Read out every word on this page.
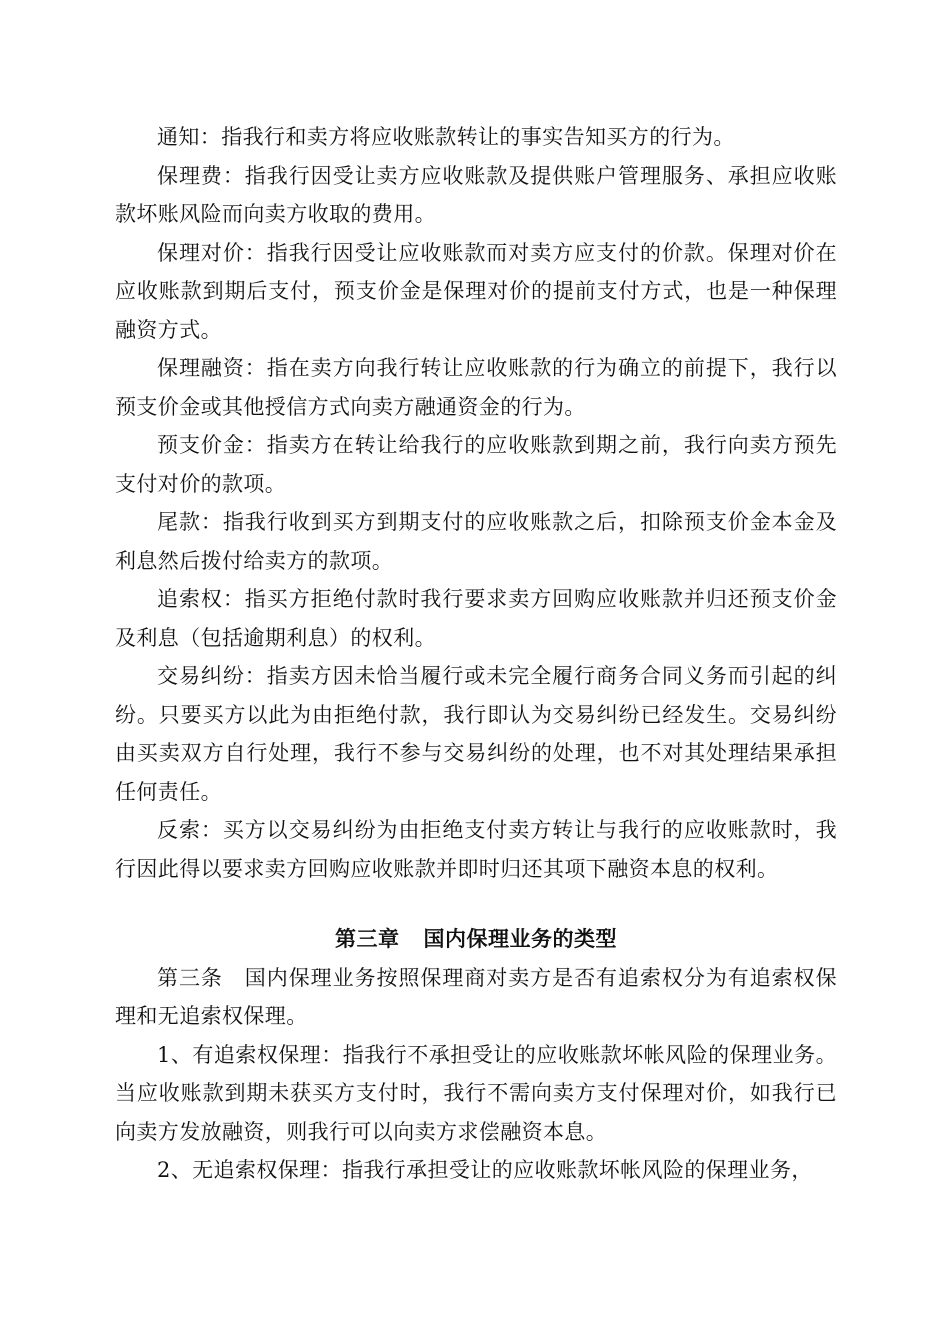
通知：指我行和卖方将应收账款转让的事实告知买方的行为。

保理费：指我行因受让卖方应收账款及提供账户管理服务、承担应收账款坏账风险而向卖方收取的费用。

保理对价：指我行因受让应收账款而对卖方应支付的价款。保理对价在应收账款到期后支付，预支价金是保理对价的提前支付方式，也是一种保理融资方式。

保理融资：指在卖方向我行转让应收账款的行为确立的前提下，我行以预支价金或其他授信方式向卖方融通资金的行为。

预支价金：指卖方在转让给我行的应收账款到期之前，我行向卖方预先支付对价的款项。

尾款：指我行收到买方到期支付的应收账款之后，扣除预支价金本金及利息然后拨付给卖方的款项。

追索权：指买方拒绝付款时我行要求卖方回购应收账款并归还预支价金及利息（包括逾期利息）的权利。

交易纠纷：指卖方因未恰当履行或未完全履行商务合同义务而引起的纠纷。只要买方以此为由拒绝付款，我行即认为交易纠纷已经发生。交易纠纷由买卖双方自行处理，我行不参与交易纠纷的处理，也不对其处理结果承担任何责任。

反索：买方以交易纠纷为由拒绝支付卖方转让与我行的应收账款时，我行因此得以要求卖方回购应收账款并即时归还其项下融资本息的权利。

第三章 国内保理业务的类型

第三条　国内保理业务按照保理商对卖方是否有追索权分为有追索权保理和无追索权保理。

1、有追索权保理：指我行不承担受让的应收账款坏帐风险的保理业务。当应收账款到期未获买方支付时，我行不需向卖方支付保理对价，如我行已向卖方发放融资，则我行可以向卖方求偿融资本息。

2、无追索权保理：指我行承担受让的应收账款坏帐风险的保理业务，
